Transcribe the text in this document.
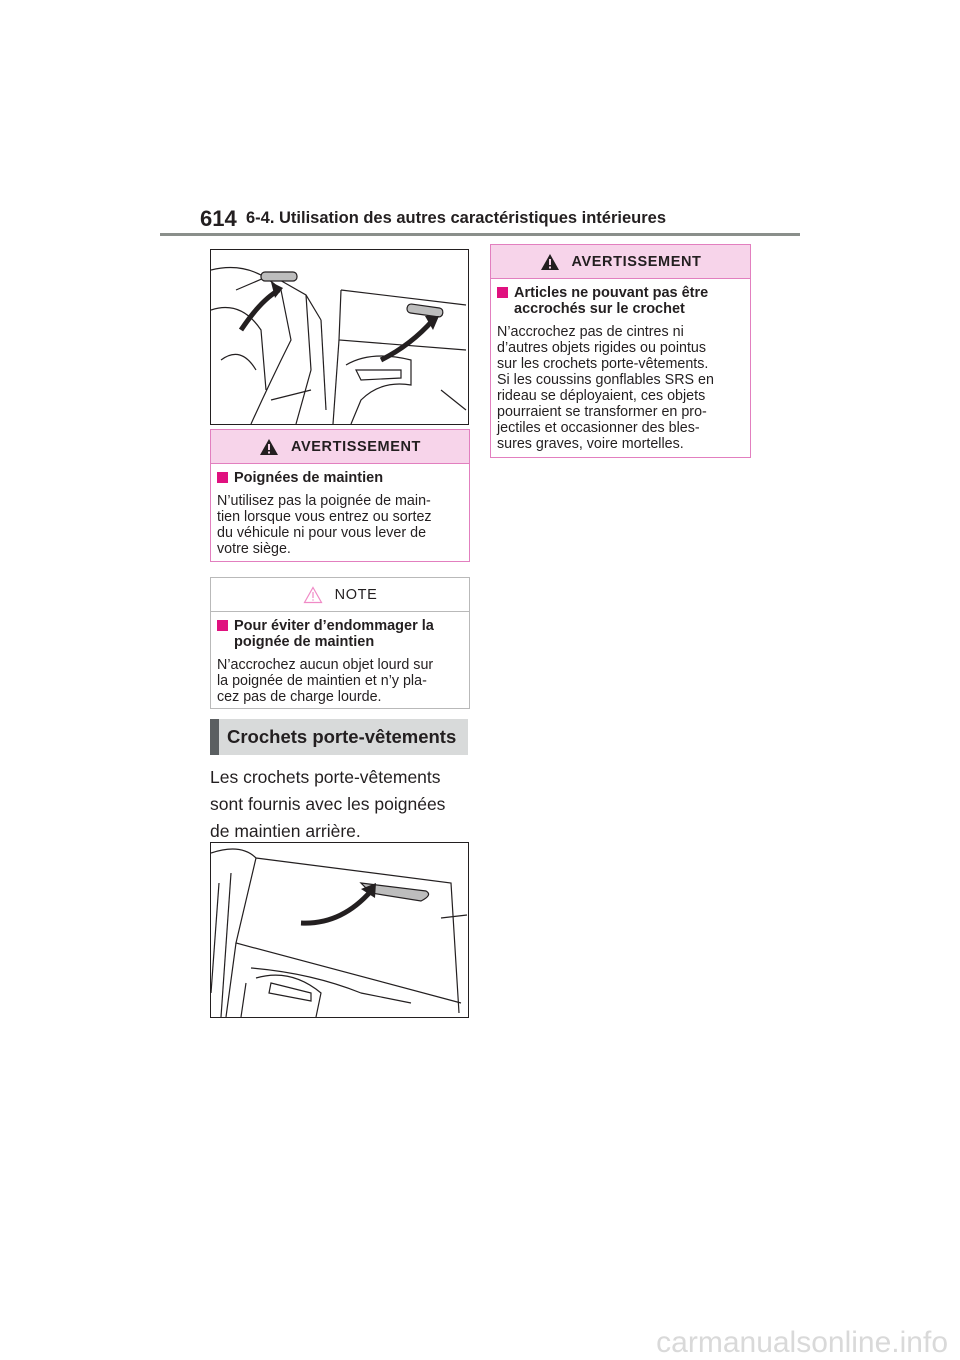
614 6-4. Utilisation des autres caractéristiques intérieures
AVERTISSEMENT
Poignées de maintien
N’utilisez pas la poignée de main-
tien lorsque vous entrez ou sortez
du véhicule ni pour vous lever de
votre siège.
NOTE
Pour éviter d’endommager la
poignée de maintien
N’accrochez aucun objet lourd sur
la poignée de maintien et n’y pla-
cez pas de charge lourde.
Crochets porte-vêtements
Les crochets porte-vêtements
sont fournis avec les poignées
de maintien arrière.
AVERTISSEMENT
Articles ne pouvant pas être
accrochés sur le crochet
N’accrochez pas de cintres ni
d’autres objets rigides ou pointus
sur les crochets porte-vêtements.
Si les coussins gonflables SRS en
rideau se déployaient, ces objets
pourraient se transformer en pro-
jectiles et occasionner des bles-
sures graves, voire mortelles.
carmanualsonline.info
